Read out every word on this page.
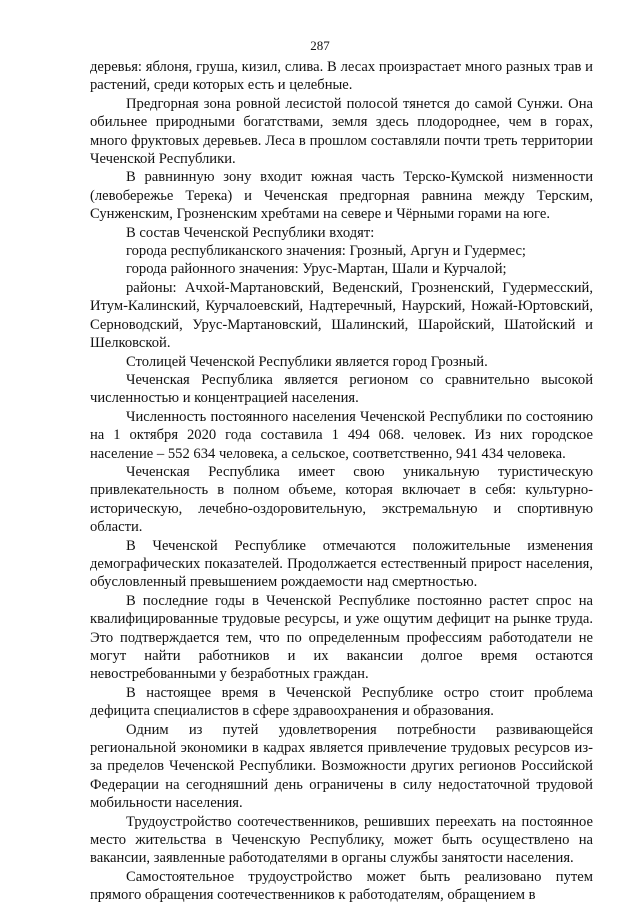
287

деревья: яблоня, груша, кизил, слива. В лесах произрастает много разных трав и растений, среди которых есть и целебные.

Предгорная зона ровной лесистой полосой тянется до самой Сунжи. Она обильнее природными богатствами, земля здесь плодороднее, чем в горах, много фруктовых деревьев. Леса в прошлом составляли почти треть территории Чеченской Республики.

В равнинную зону входит южная часть Терско-Кумской низменности (левобережье Терека) и Чеченская предгорная равнина между Терским, Сунженским, Грозненским хребтами на севере и Чёрными горами на юге.

В состав Чеченской Республики входят:

города республиканского значения: Грозный, Аргун и Гудермес;

города районного значения: Урус-Мартан, Шали и Курчалой;

районы: Ачхой-Мартановский, Веденский, Грозненский, Гудермесский, Итум-Калинский, Курчалоевский, Надтеречный, Наурский, Ножай-Юртовский, Серноводский, Урус-Мартановский, Шалинский, Шаройский, Шатойский и Шелковской.

Столицей Чеченской Республики является город Грозный.

Чеченская Республика является регионом со сравнительно высокой численностью и концентрацией населения.

Численность постоянного населения Чеченской Республики по состоянию на 1 октября 2020 года составила 1 494 068. человек. Из них городское население – 552 634 человека, а сельское, соответственно, 941 434 человека.

Чеченская Республика имеет свою уникальную туристическую привлекательность в полном объеме, которая включает в себя: культурно-историческую, лечебно-оздоровительную, экстремальную и спортивную области.

В Чеченской Республике отмечаются положительные изменения демографических показателей. Продолжается естественный прирост населения, обусловленный превышением рождаемости над смертностью.

В последние годы в Чеченской Республике постоянно растет спрос на квалифицированные трудовые ресурсы, и уже ощутим дефицит на рынке труда. Это подтверждается тем, что по определенным профессиям работодатели не могут найти работников и их вакансии долгое время остаются невостребованными у безработных граждан.

В настоящее время в Чеченской Республике остро стоит проблема дефицита специалистов в сфере здравоохранения и образования.

Одним из путей удовлетворения потребности развивающейся региональной экономики в кадрах является привлечение трудовых ресурсов из-за пределов Чеченской Республики. Возможности других регионов Российской Федерации на сегодняшний день ограничены в силу недостаточной трудовой мобильности населения.

Трудоустройство соотечественников, решивших переехать на постоянное место жительства в Чеченскую Республику, может быть осуществлено на вакансии, заявленные работодателями в органы службы занятости населения.

Самостоятельное трудоустройство может быть реализовано путем прямого обращения соотечественников к работодателям, обращением в
